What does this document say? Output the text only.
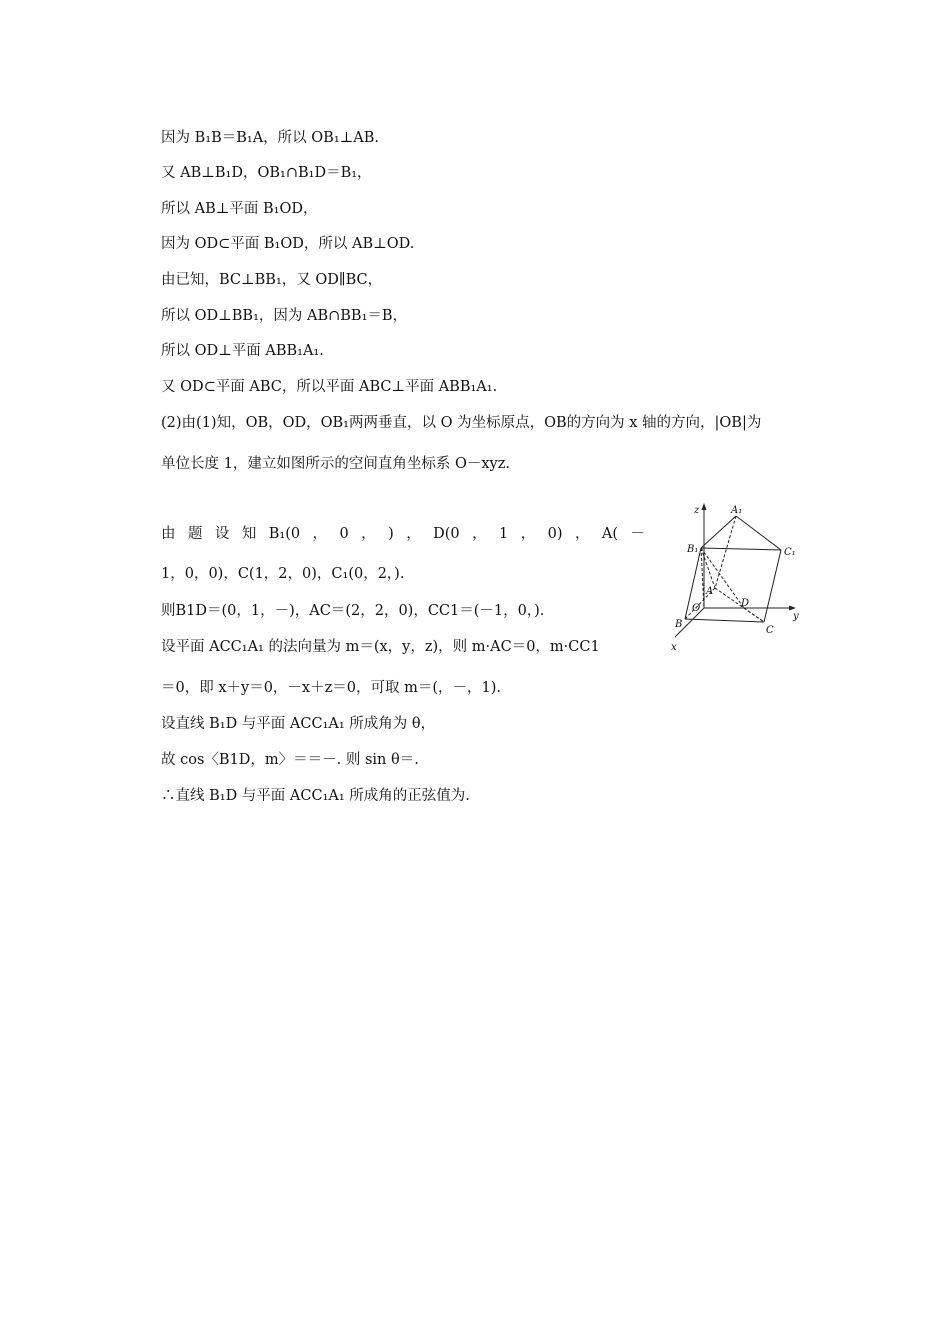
因为 B₁B＝B₁A，所以 OB₁⊥AB.
又 AB⊥B₁D，OB₁∩B₁D＝B₁，
所以 AB⊥平面 B₁OD，
因为 OD⊂平面 B₁OD，所以 AB⊥OD.
由已知，BC⊥BB₁，又 OD∥BC，
所以 OD⊥BB₁，因为 AB∩BB₁＝B，
所以 OD⊥平面 ABB₁A₁.
又 OD⊂平面 ABC，所以平面 ABC⊥平面 ABB₁A₁.
(2)由(1)知，OB，OD，OB₁两两垂直，以 O 为坐标原点，OB的方向为 x 轴的方向，|OB|为
单位长度 1，建立如图所示的空间直角坐标系 O－xyz.
由 题 设 知 B₁(0 ， 0 ， ) ， D(0 ， 1 ， 0) ， A( －
1，0，0)，C(1，2，0)，C₁(0，2，).
则B1D＝(0，1，－)，AC＝(2，2，0)，CC1＝(－1，0，).
设平面 ACC₁A₁ 的法向量为 m＝(x，y，z)，则 m·AC＝0，m·CC1
＝0，即 x＋y＝0，－x＋z＝0，可取 m＝(，－，1).
设直线 B₁D 与平面 ACC₁A₁ 所成角为 θ，
故 cos〈B1D，m〉＝＝－. 则 sin θ＝.
∴直线 B₁D 与平面 ACC₁A₁ 所成角的正弦值为.
z	A₁
B₁	C₁
A
O	D
y
B
C
x
